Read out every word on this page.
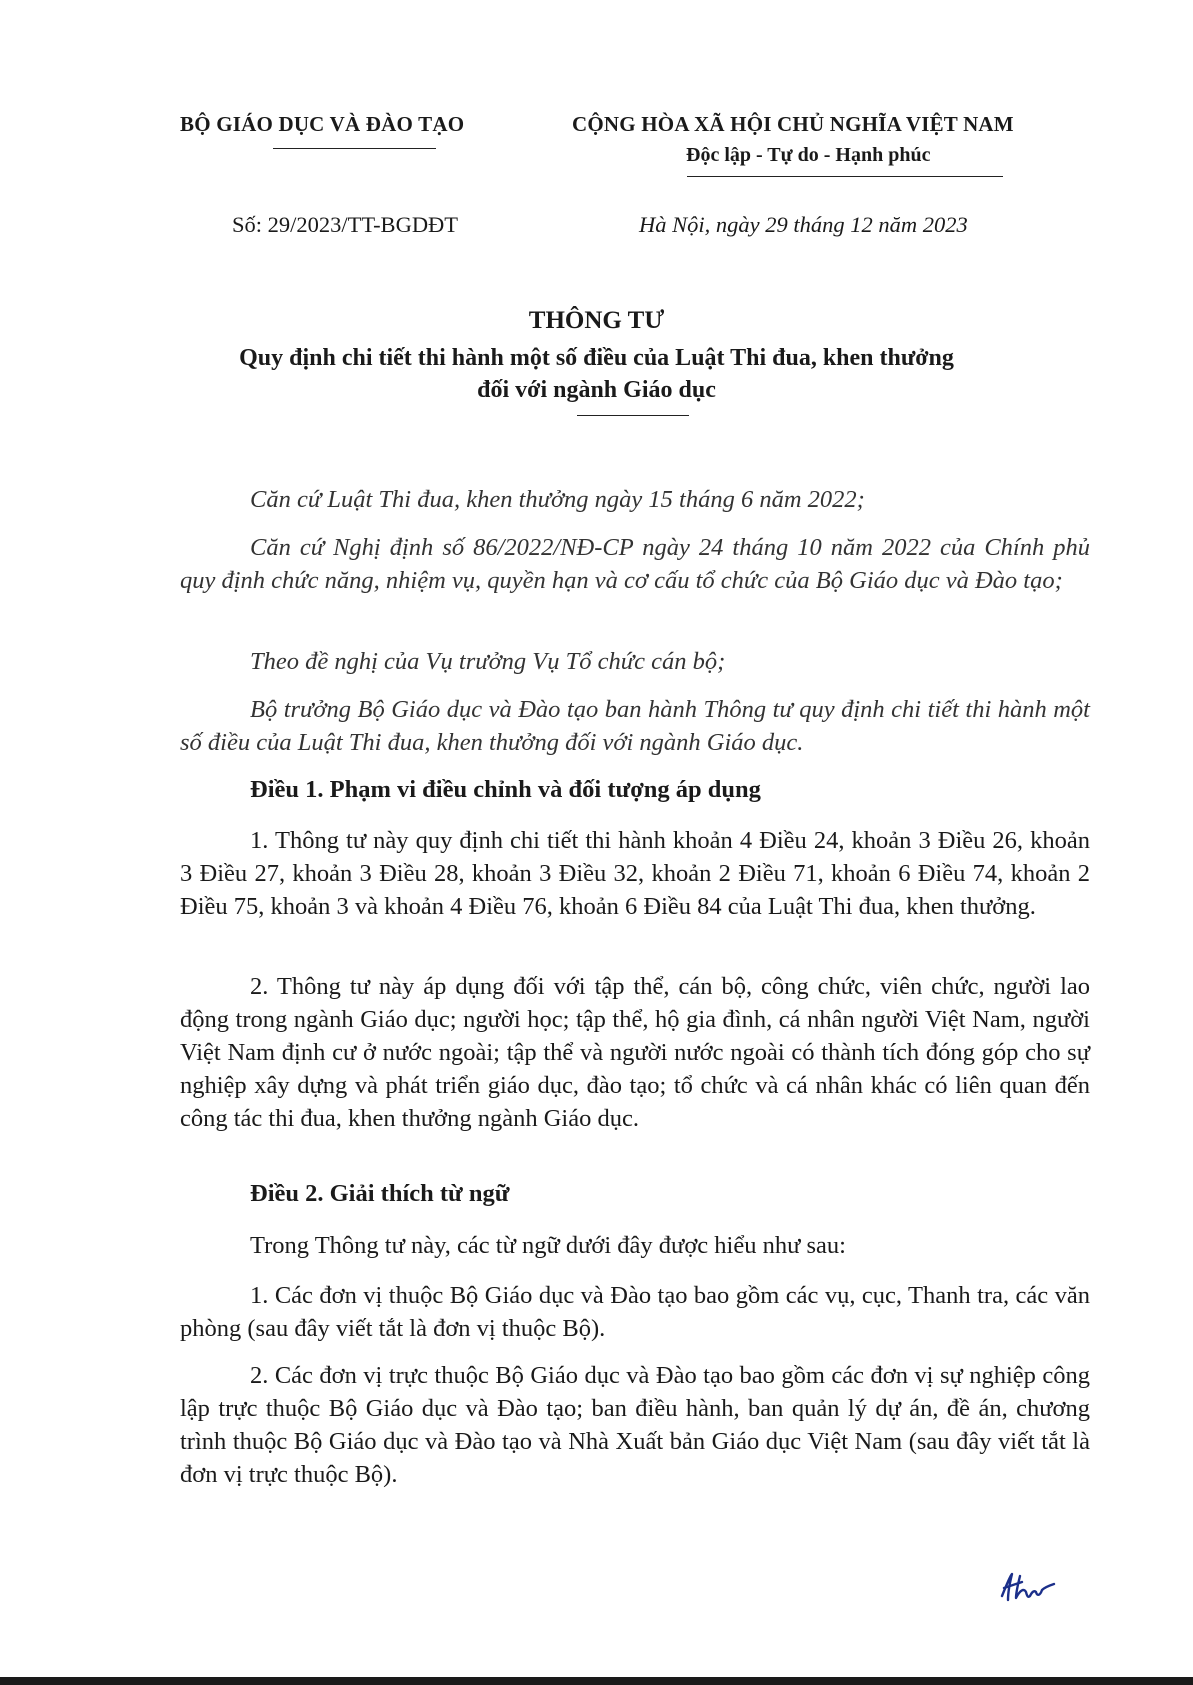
BỘ GIÁO DỤC VÀ ĐÀO TẠO	CỘNG HÒA XÃ HỘI CHỦ NGHĨA VIỆT NAM
Độc lập - Tự do - Hạnh phúc
Số: 29/2023/TT-BGDĐT	Hà Nội, ngày 29 tháng 12 năm 2023
THÔNG TƯ
Quy định chi tiết thi hành một số điều của Luật Thi đua, khen thưởng
đối với ngành Giáo dục
Căn cứ Luật Thi đua, khen thưởng ngày 15 tháng 6 năm 2022;
Căn cứ Nghị định số 86/2022/NĐ-CP ngày 24 tháng 10 năm 2022 của Chính phủ quy định chức năng, nhiệm vụ, quyền hạn và cơ cấu tổ chức của Bộ Giáo dục và Đào tạo;
Theo đề nghị của Vụ trưởng Vụ Tổ chức cán bộ;
Bộ trưởng Bộ Giáo dục và Đào tạo ban hành Thông tư quy định chi tiết thi hành một số điều của Luật Thi đua, khen thưởng đối với ngành Giáo dục.
Điều 1. Phạm vi điều chỉnh và đối tượng áp dụng
1. Thông tư này quy định chi tiết thi hành khoản 4 Điều 24, khoản 3 Điều 26, khoản 3 Điều 27, khoản 3 Điều 28, khoản 3 Điều 32, khoản 2 Điều 71, khoản 6 Điều 74, khoản 2 Điều 75, khoản 3 và khoản 4 Điều 76, khoản 6 Điều 84 của Luật Thi đua, khen thưởng.
2. Thông tư này áp dụng đối với tập thể, cán bộ, công chức, viên chức, người lao động trong ngành Giáo dục; người học; tập thể, hộ gia đình, cá nhân người Việt Nam, người Việt Nam định cư ở nước ngoài; tập thể và người nước ngoài có thành tích đóng góp cho sự nghiệp xây dựng và phát triển giáo dục, đào tạo; tổ chức và cá nhân khác có liên quan đến công tác thi đua, khen thưởng ngành Giáo dục.
Điều 2. Giải thích từ ngữ
Trong Thông tư này, các từ ngữ dưới đây được hiểu như sau:
1. Các đơn vị thuộc Bộ Giáo dục và Đào tạo bao gồm các vụ, cục, Thanh tra, các văn phòng (sau đây viết tắt là đơn vị thuộc Bộ).
2. Các đơn vị trực thuộc Bộ Giáo dục và Đào tạo bao gồm các đơn vị sự nghiệp công lập trực thuộc Bộ Giáo dục và Đào tạo; ban điều hành, ban quản lý dự án, đề án, chương trình thuộc Bộ Giáo dục và Đào tạo và Nhà Xuất bản Giáo dục Việt Nam (sau đây viết tắt là đơn vị trực thuộc Bộ).
